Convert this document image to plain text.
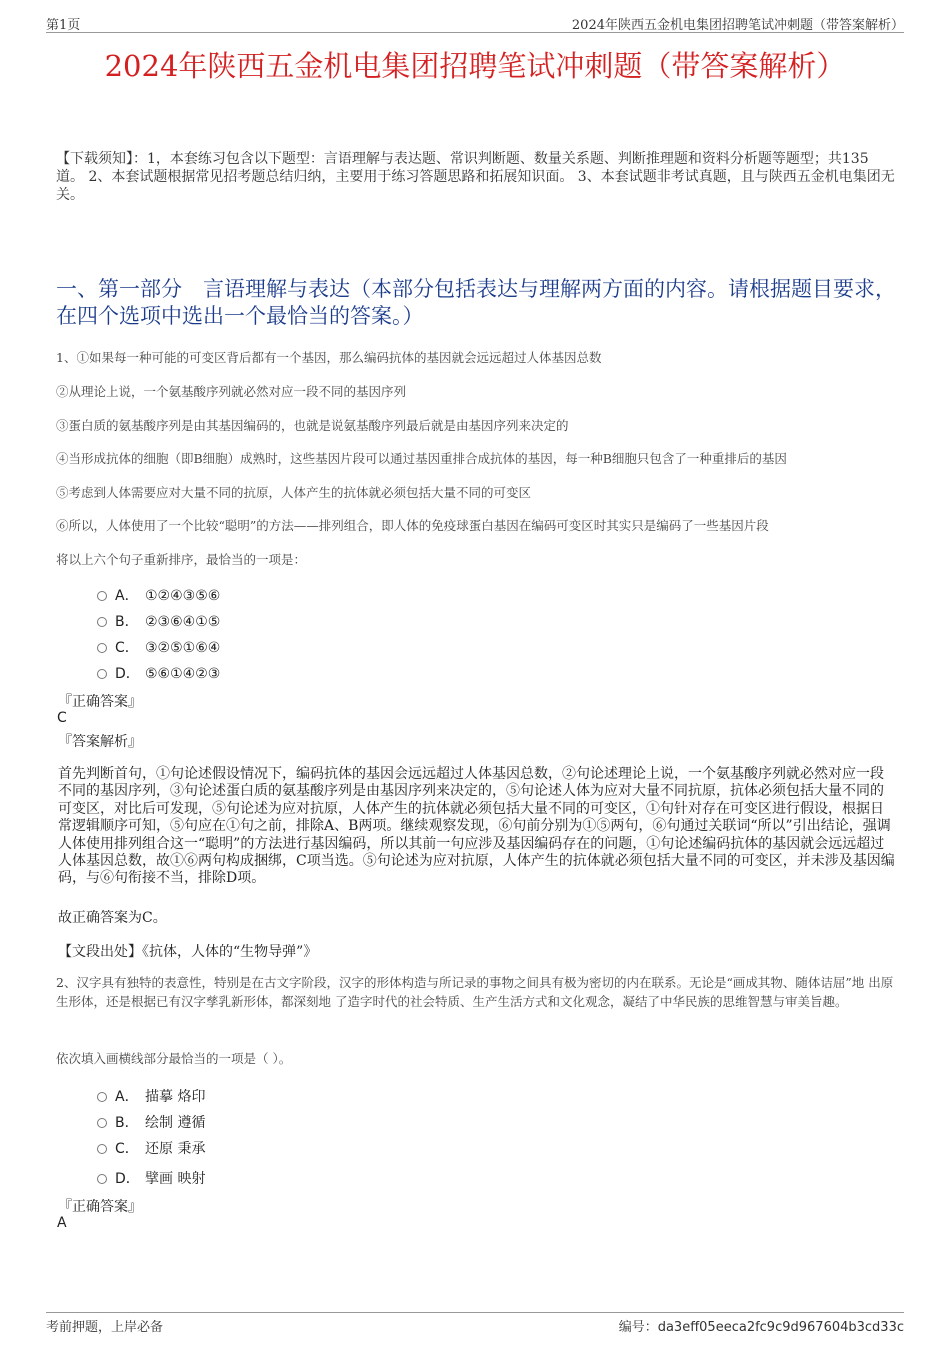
第1页	2024年陕西五金机电集团招聘笔试冲刺题（带答案解析）
2024年陕西五金机电集团招聘笔试冲刺题（带答案解析）
【下载须知】：1，本套练习包含以下题型：言语理解与表达题、常识判断题、数量关系题、判断推理题和资料分析题等题型；共135道。 2、本套试题根据常见招考题总结归纳，主要用于练习答题思路和拓展知识面。 3、本套试题非考试真题，且与陕西五金机电集团无关。
一、第一部分　言语理解与表达（本部分包括表达与理解两方面的内容。请根据题目要求，在四个选项中选出一个最恰当的答案。）
1、①如果每一种可能的可变区背后都有一个基因，那么编码抗体的基因就会远远超过人体基因总数
②从理论上说，一个氨基酸序列就必然对应一段不同的基因序列
③蛋白质的氨基酸序列是由其基因编码的，也就是说氨基酸序列最后就是由基因序列来决定的
④当形成抗体的细胞（即B细胞）成熟时，这些基因片段可以通过基因重排合成抗体的基因，每一种B细胞只包含了一种重排后的基因
⑤考虑到人体需要应对大量不同的抗原，人体产生的抗体就必须包括大量不同的可变区
⑥所以，人体使用了一个比较“聪明”的方法——排列组合，即人体的免疫球蛋白基因在编码可变区时其实只是编码了一些基因片段
将以上六个句子重新排序，最恰当的一项是：
A． ①②④③⑤⑥
B． ②③⑥④①⑤
C． ③②⑤①⑥④
D． ⑤⑥①④②③
『正确答案』
C
『答案解析』
首先判断首句，①句论述假设情况下，编码抗体的基因会远远超过人体基因总数，②句论述理论上说，一个氨基酸序列就必然对应一段不同的基因序列，③句论述蛋白质的氨基酸序列是由基因序列来决定的，⑤句论述人体为应对大量不同抗原，抗体必须包括大量不同的可变区，对比后可发现，⑤句论述为应对抗原，人体产生的抗体就必须包括大量不同的可变区，①句针对存在可变区进行假设，根据日常逻辑顺序可知，⑤句应在①句之前，排除A、B两项。继续观察发现，⑥句前分别为①⑤两句，⑥句通过关联词“所以”引出结论，强调人体使用排列组合这一“聪明”的方法进行基因编码，所以其前一句应涉及基因编码存在的问题，①句论述编码抗体的基因就会远远超过人体基因总数，故①⑥两句构成捆绑，C项当选。⑤句论述为应对抗原，人体产生的抗体就必须包括大量不同的可变区，并未涉及基因编码，与⑥句衔接不当，排除D项。
故正确答案为C。
【文段出处】《抗体，人体的“生物导弹”》
2、汉字具有独特的表意性，特别是在古文字阶段，汉字的形体构造与所记录的事物之间具有极为密切的内在联系。无论是“画成其物、随体诘屈”地 出原生形体，还是根据已有汉字孳乳新形体，都深刻地 了造字时代的社会特质、生产生活方式和文化观念，凝结了中华民族的思维智慧与审美旨趣。
依次填入画横线部分最恰当的一项是（ ）。
A． 描摹 烙印
B． 绘制 遵循
C． 还原 秉承
D． 擘画 映射
『正确答案』
A
考前押题，上岸必备	编号：da3eff05eeca2fc9c9d967604b3cd33c
